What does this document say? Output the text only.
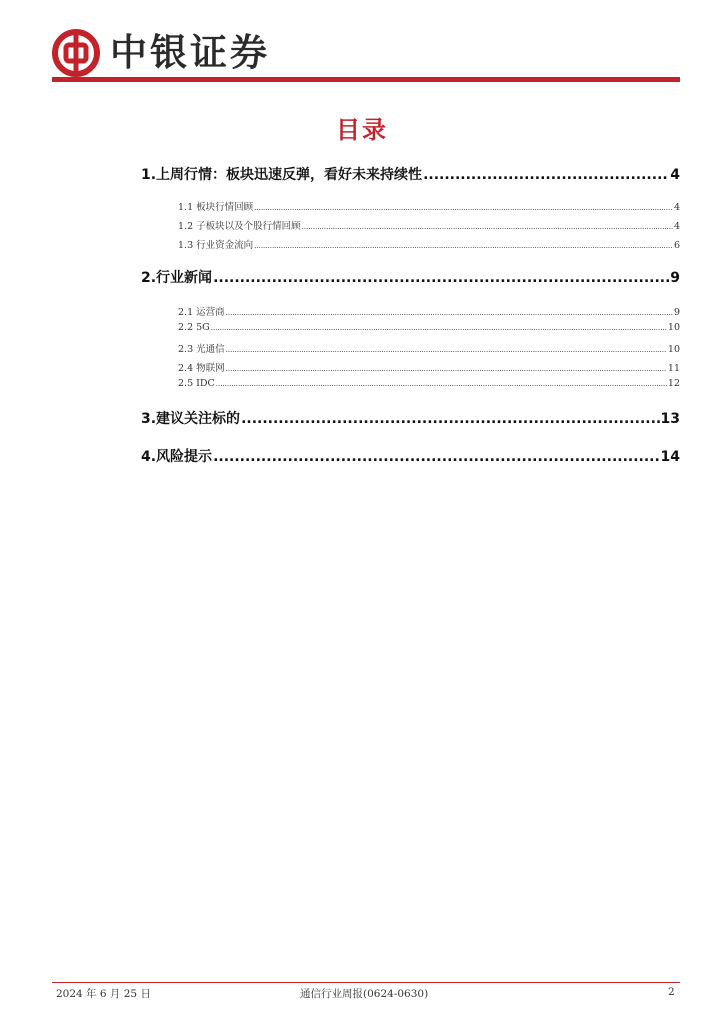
中银证券
目录
1.上周行情：板块迅速反弹，看好未来持续性 .....	4
1.1 板块行情回顾 .....	4
1.2 子板块以及个股行情回顾 .....	4
1.3 行业资金流向 .....	6
2.行业新闻 .....	9
2.1 运营商 .....	9
2.2 5G .....	10
2.3 光通信 .....	10
2.4 物联网 .....	11
2.5 IDC .....	12
3.建议关注标的 .....	13
4.风险提示 .....	14
2024 年 6 月 25 日	通信行业周报(0624-0630)	2
